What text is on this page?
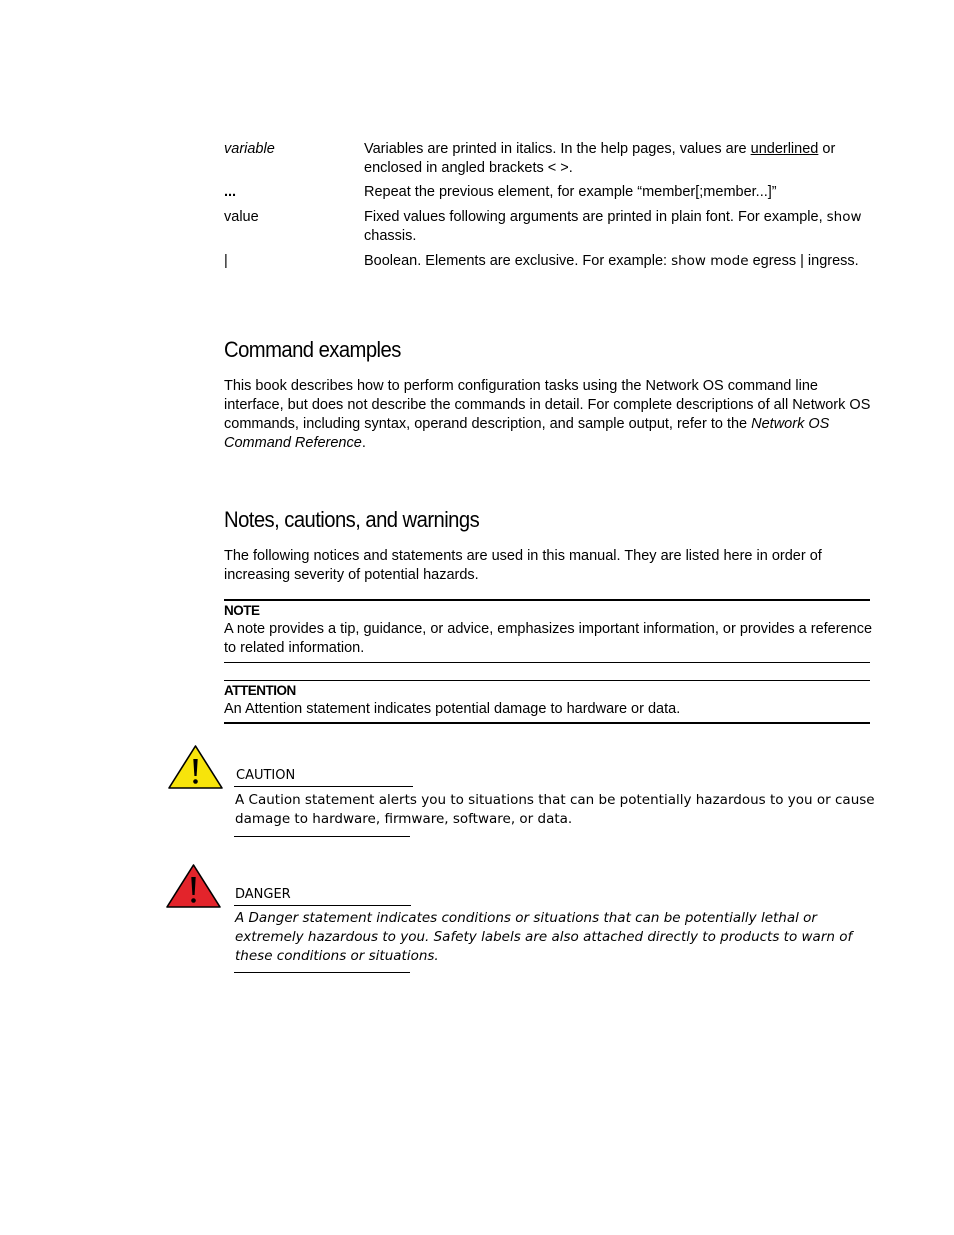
variable	Variables are printed in italics. In the help pages, values are underlined or enclosed in angled brackets < >.
...	Repeat the previous element, for example “member[;member...]”
value	Fixed values following arguments are printed in plain font. For example, show chassis.
|	Boolean. Elements are exclusive. For example: show mode egress | ingress.
Command examples
This book describes how to perform configuration tasks using the Network OS command line interface, but does not describe the commands in detail. For complete descriptions of all Network OS commands, including syntax, operand description, and sample output, refer to the Network OS Command Reference.
Notes, cautions, and warnings
The following notices and statements are used in this manual. They are listed here in order of increasing severity of potential hazards.
NOTE
A note provides a tip, guidance, or advice, emphasizes important information, or provides a reference to related information.
ATTENTION
An Attention statement indicates potential damage to hardware or data.
CAUTION
A Caution statement alerts you to situations that can be potentially hazardous to you or cause damage to hardware, firmware, software, or data.
DANGER
A Danger statement indicates conditions or situations that can be potentially lethal or extremely hazardous to you. Safety labels are also attached directly to products to warn of these conditions or situations.
